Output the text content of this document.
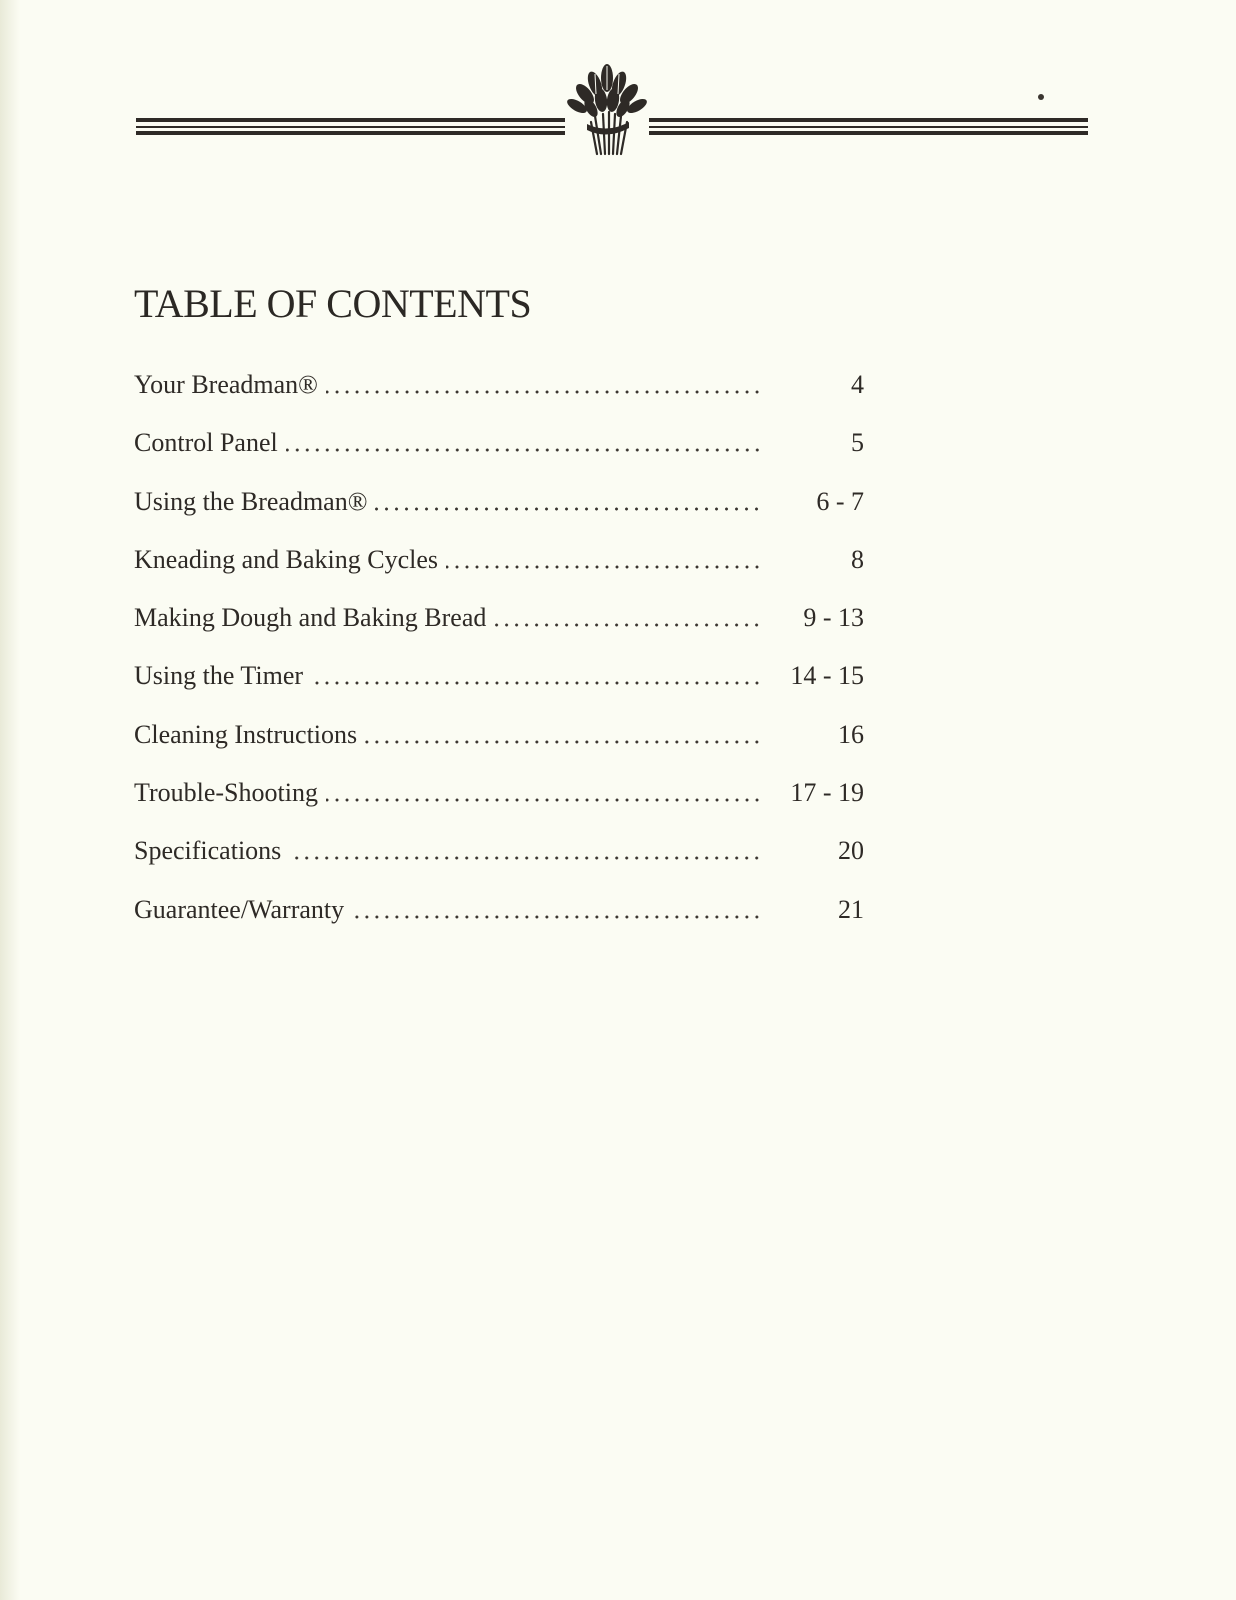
TABLE OF CONTENTS
Your Breadman®	4
Control Panel	5
Using the Breadman®	6 - 7
Kneading and Baking Cycles	8
Making Dough and Baking Bread	9 - 13
Using the Timer	14 - 15
Cleaning Instructions	16
Trouble-Shooting	17 - 19
Specifications	20
Guarantee/Warranty	21
